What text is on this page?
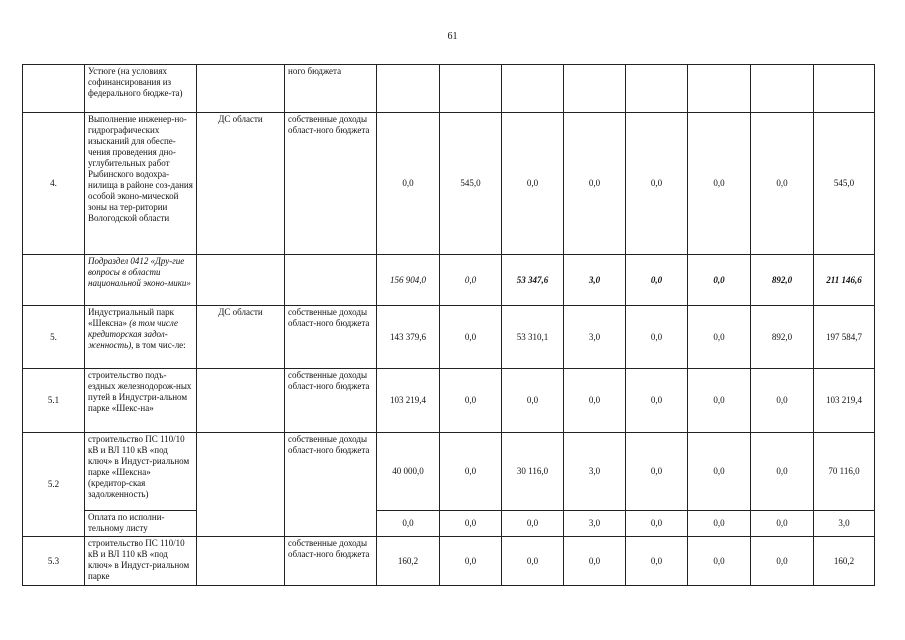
61
	Устюге (на условиях софинансирования из федерального бюдже-та)		ного бюджета								
4.	Выполнение инженер-но-гидрографических изысканий для обеспе-чения проведения дно-углубительных работ Рыбинского водохра-нилища в районе соз-дания особой эконо-мической зоны на тер-ритории Вологодской области	ДС области	собственные доходы област-ного бюджета	0,0	545,0	0,0	0,0	0,0	0,0	0,0	545,0
	Подраздел 0412 «Дру-гие вопросы в области национальной эконо-мики»			156 904,0	0,0	53 347,6	3,0	0,0	0,0	892,0	211 146,6
5.	Индустриальный парк «Шексна» (в том числе кредиторская задол-женность), в том чис-ле:	ДС области	собственные доходы област-ного бюджета	143 379,6	0,0	53 310,1	3,0	0,0	0,0	892,0	197 584,7
5.1	строительство подъ-ездных железнодорож-ных путей в Индустри-альном парке «Шекс-на»		собственные доходы област-ного бюджета	103 219,4	0,0	0,0	0,0	0,0	0,0	0,0	103 219,4
5.2	строительство ПС 110/10 кВ и ВЛ 110 кВ «под ключ» в Индуст-риальном парке «Шексна» (кредитор-ская задолженность)		собственные доходы област-ного бюджета	40 000,0	0,0	30 116,0	3,0	0,0	0,0	0,0	70 116,0
	Оплата по исполни-тельному листу			0,0	0,0	0,0	3,0	0,0	0,0	0,0	3,0
5.3	строительство ПС 110/10 кВ и ВЛ 110 кВ «под ключ» в Индуст-риальном парке		собственные доходы област-ного бюджета	160,2	0,0	0,0	0,0	0,0	0,0	0,0	160,2
